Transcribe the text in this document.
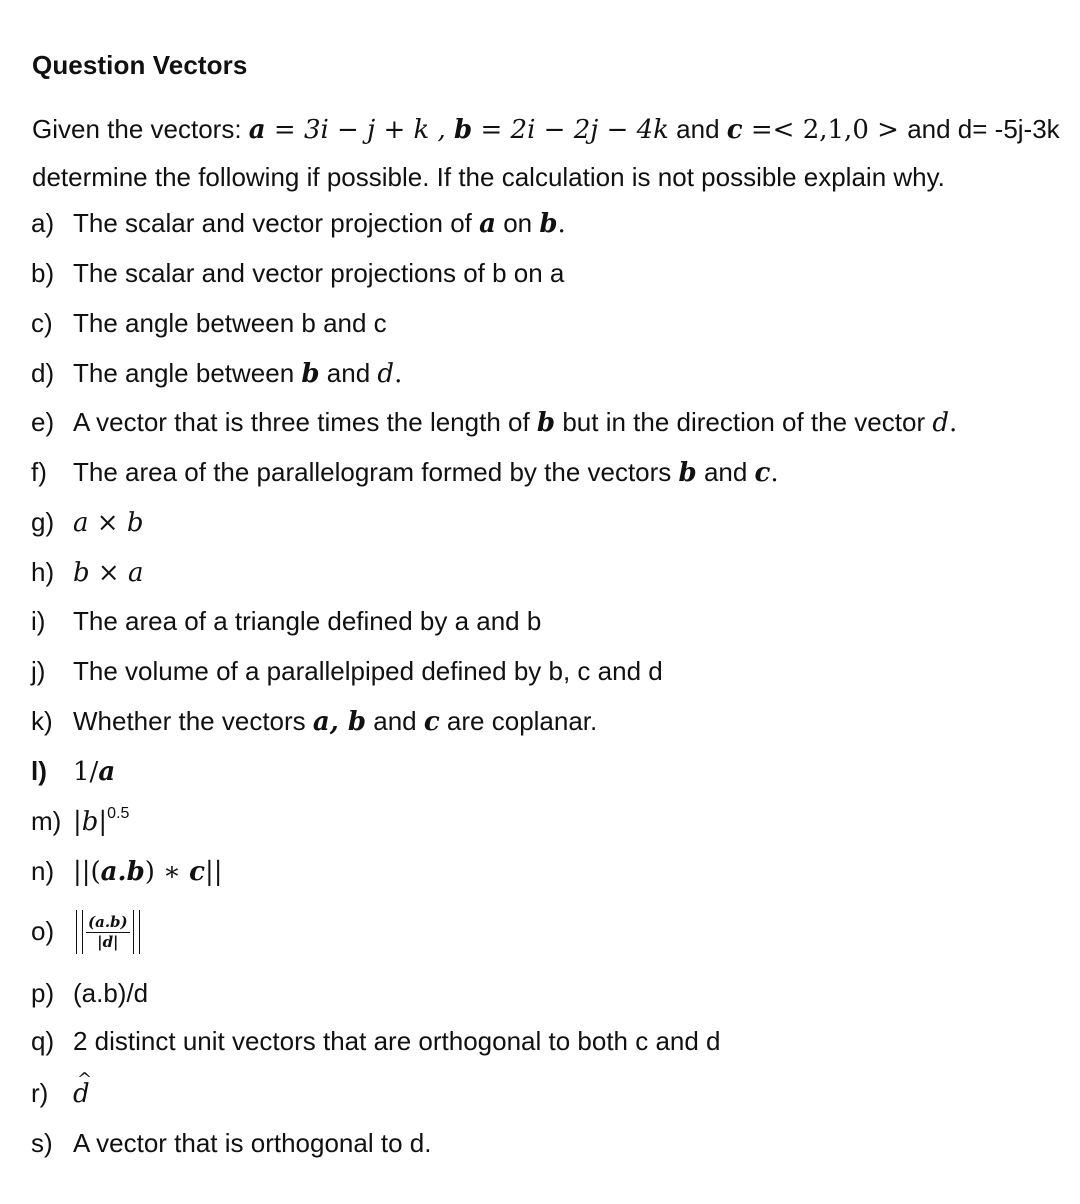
Question Vectors
Given the vectors: a = 3i − j + k , b = 2i − 2j − 4k and c =< 2,1,0 > and d= -5j-3k
determine the following if possible. If the calculation is not possible explain why.
a) The scalar and vector projection of a on b.
b) The scalar and vector projections of b on a
c) The angle between b and c
d) The angle between b and d.
e) A vector that is three times the length of b but in the direction of the vector d.
f) The area of the parallelogram formed by the vectors b and c.
g) a × b
h) b × a
i) The area of a triangle defined by a and b
j) The volume of a parallelpiped defined by b, c and d
k) Whether the vectors a, b and c are coplanar.
l) 1/a
m) $|b|^{0.5}$
n) ||(a.b) ∗ c||
$o) \frac{(a.b)}{|d|}$
p) (a.b)/d
q) 2 distinct unit vectors that are orthogonal to both c and d
r) ^ d
s) A vector that is orthogonal to d.
